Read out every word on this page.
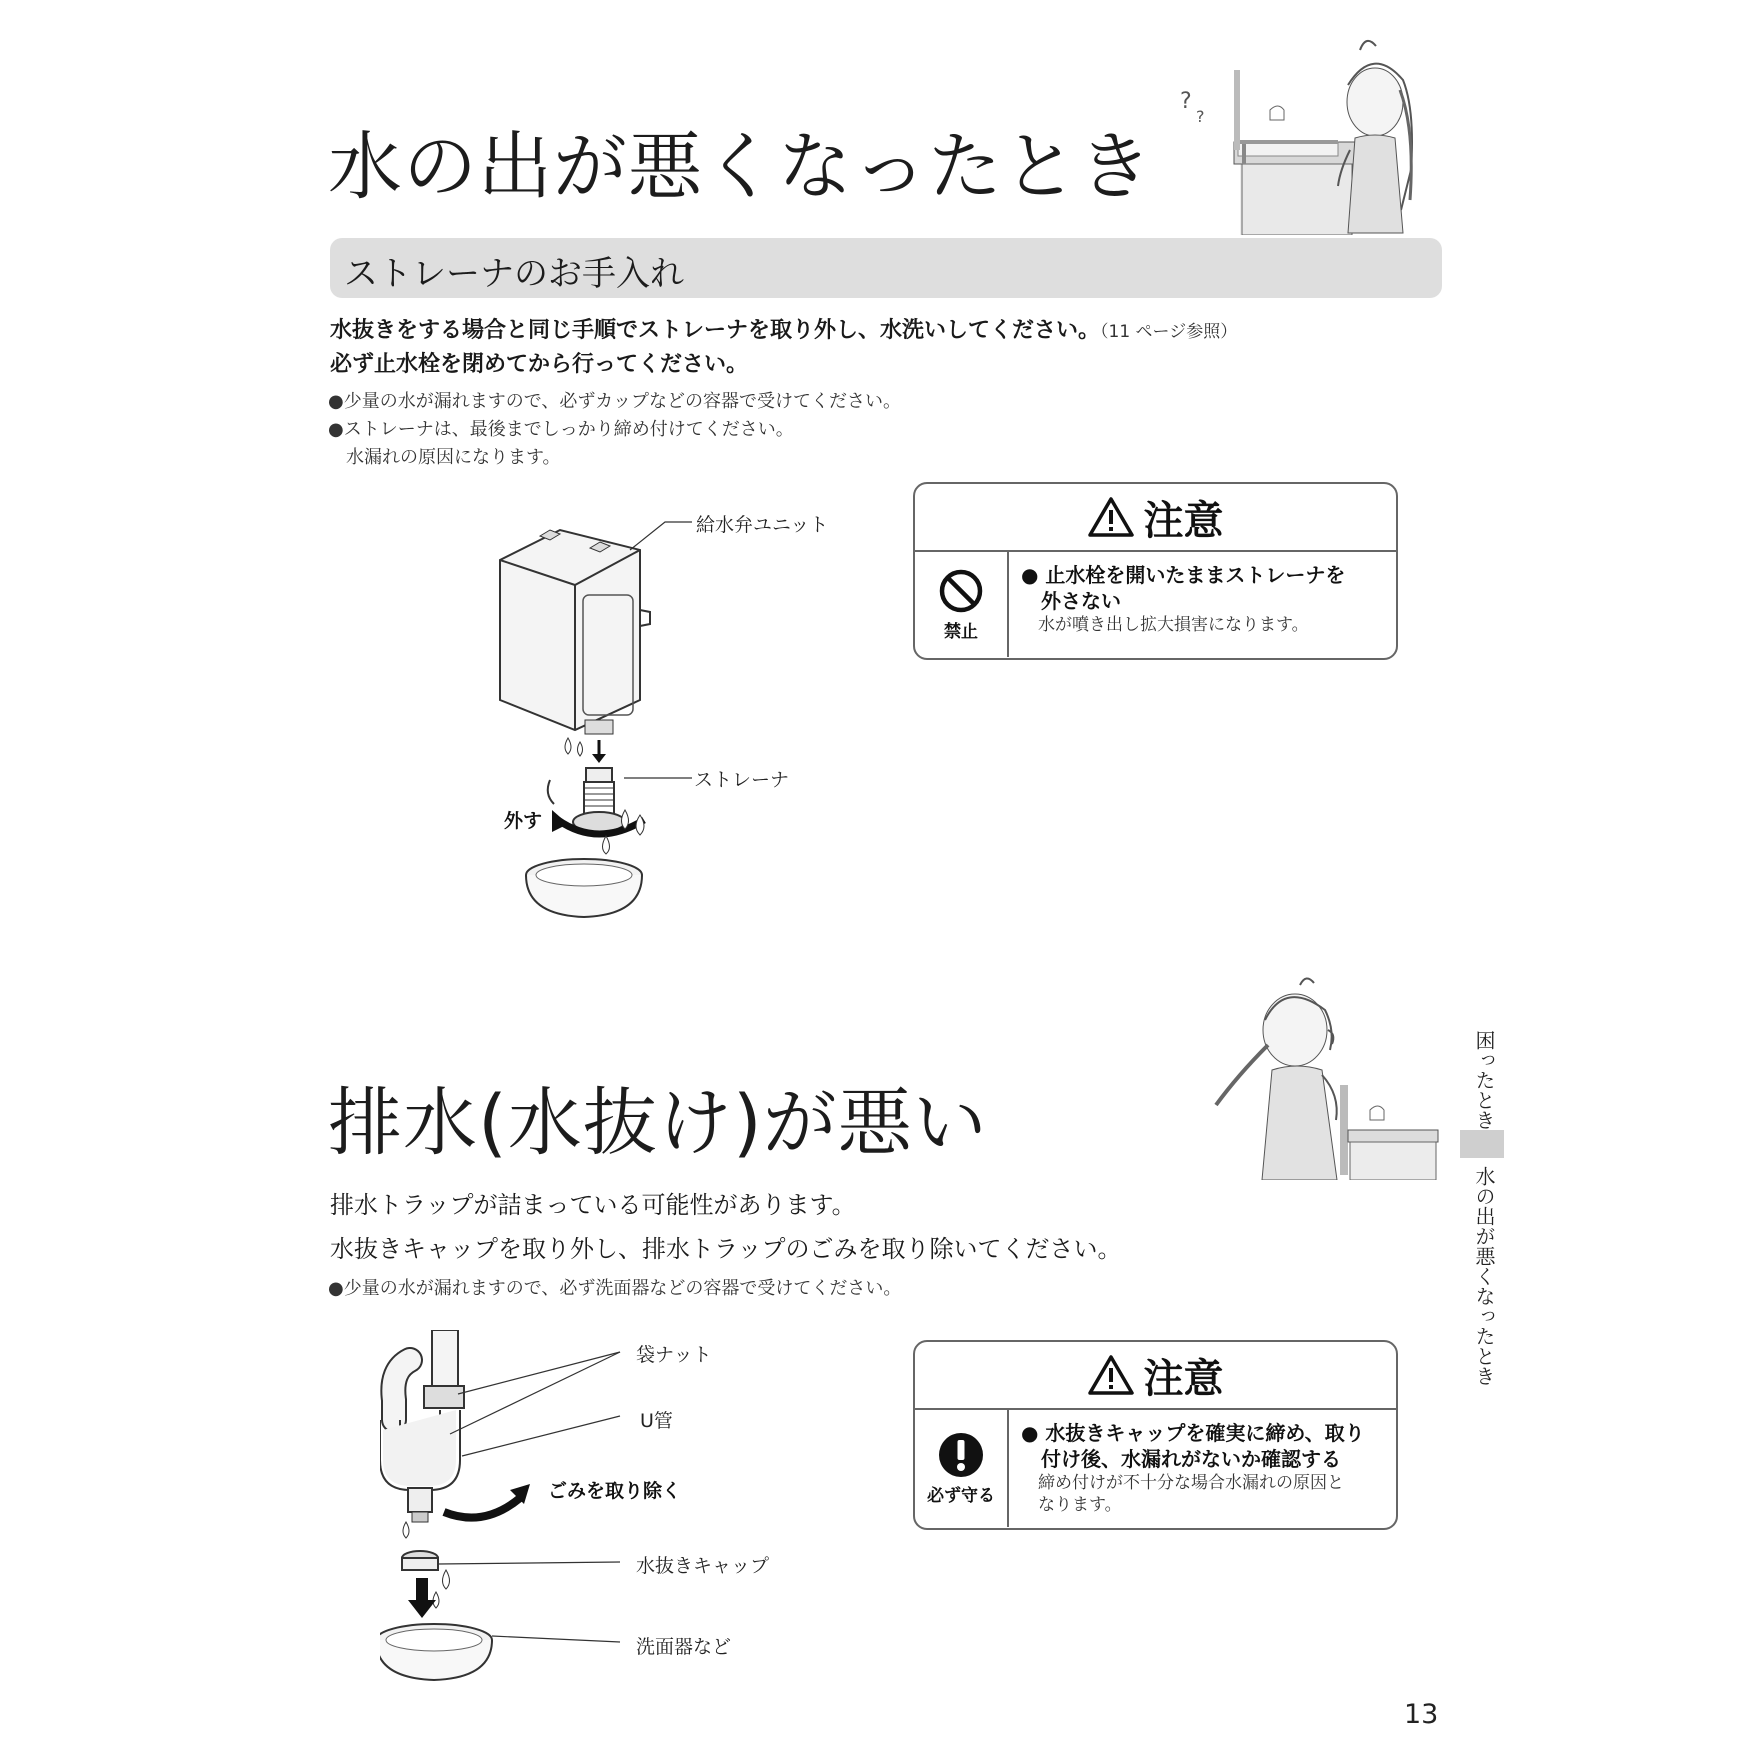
水の出が悪くなったとき
?
?
ストレーナのお手入れ
水抜きをする場合と同じ手順でストレーナを取り外し、水洗いしてください。（11 ページ参照）
必ず止水栓を閉めてから行ってください。
●少量の水が漏れますので、必ずカップなどの容器で受けてください。
●ストレーナは、最後までしっかり締め付けてください。
　水漏れの原因になります。
給水弁ユニット
ストレーナ
外す
注意
禁止
● 止水栓を開いたままストレーナを
　外さない
　水が噴き出し拡大損害になります。
排水(水抜け)が悪い
排水トラップが詰まっている可能性があります。
水抜きキャップを取り外し、排水トラップのごみを取り除いてください。
●少量の水が漏れますので、必ず洗面器などの容器で受けてください。
袋ナット
U管
ごみを取り除く
水抜きキャップ
洗面器など
注意
必ず守る
● 水抜きキャップを確実に締め、取り
　付け後、水漏れがないか確認する
　締め付けが不十分な場合水漏れの原因と
　なります。
困ったとき
水の出が悪くなったとき
13
